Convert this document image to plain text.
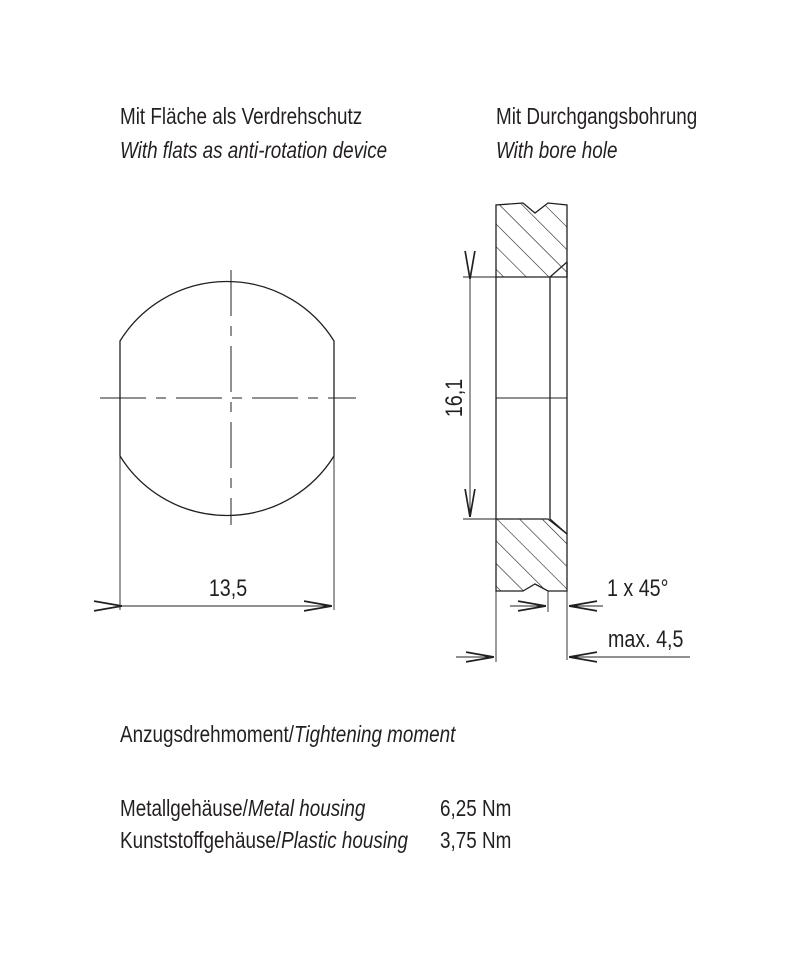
Mit Fläche als Verdrehschutz
With flats as anti-rotation device
Mit Durchgangsbohrung
With bore hole
13,5
16,1
1 x 45°
max. 4,5
Anzugsdrehmoment/Tightening moment
Metallgehäuse/Metal housing	6,25 Nm
Kunststoffgehäuse/Plastic housing 3,75 Nm
